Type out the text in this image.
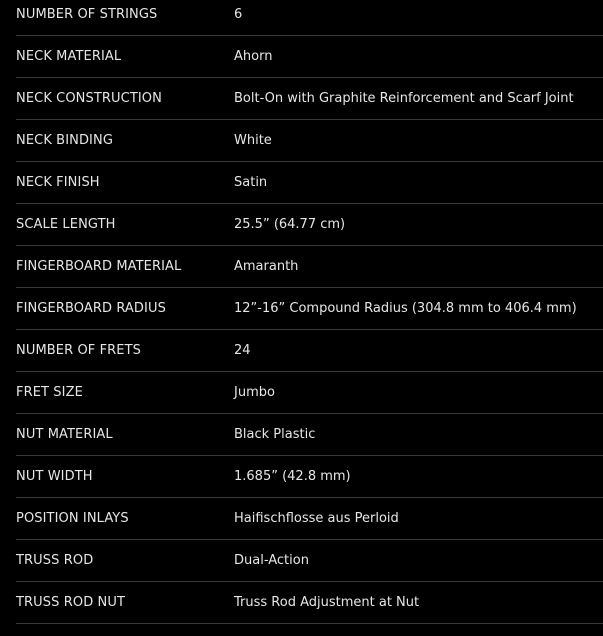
NUMBER OF STRINGS	6
NECK MATERIAL	Ahorn
NECK CONSTRUCTION	Bolt-On with Graphite Reinforcement and Scarf Joint
NECK BINDING	White
NECK FINISH	Satin
SCALE LENGTH	25.5” (64.77 cm)
FINGERBOARD MATERIAL	Amaranth
FINGERBOARD RADIUS	12”-16” Compound Radius (304.8 mm to 406.4 mm)
NUMBER OF FRETS	24
FRET SIZE	Jumbo
NUT MATERIAL	Black Plastic
NUT WIDTH	1.685” (42.8 mm)
POSITION INLAYS	Haifischflosse aus Perloid
TRUSS ROD	Dual-Action
TRUSS ROD NUT	Truss Rod Adjustment at Nut
